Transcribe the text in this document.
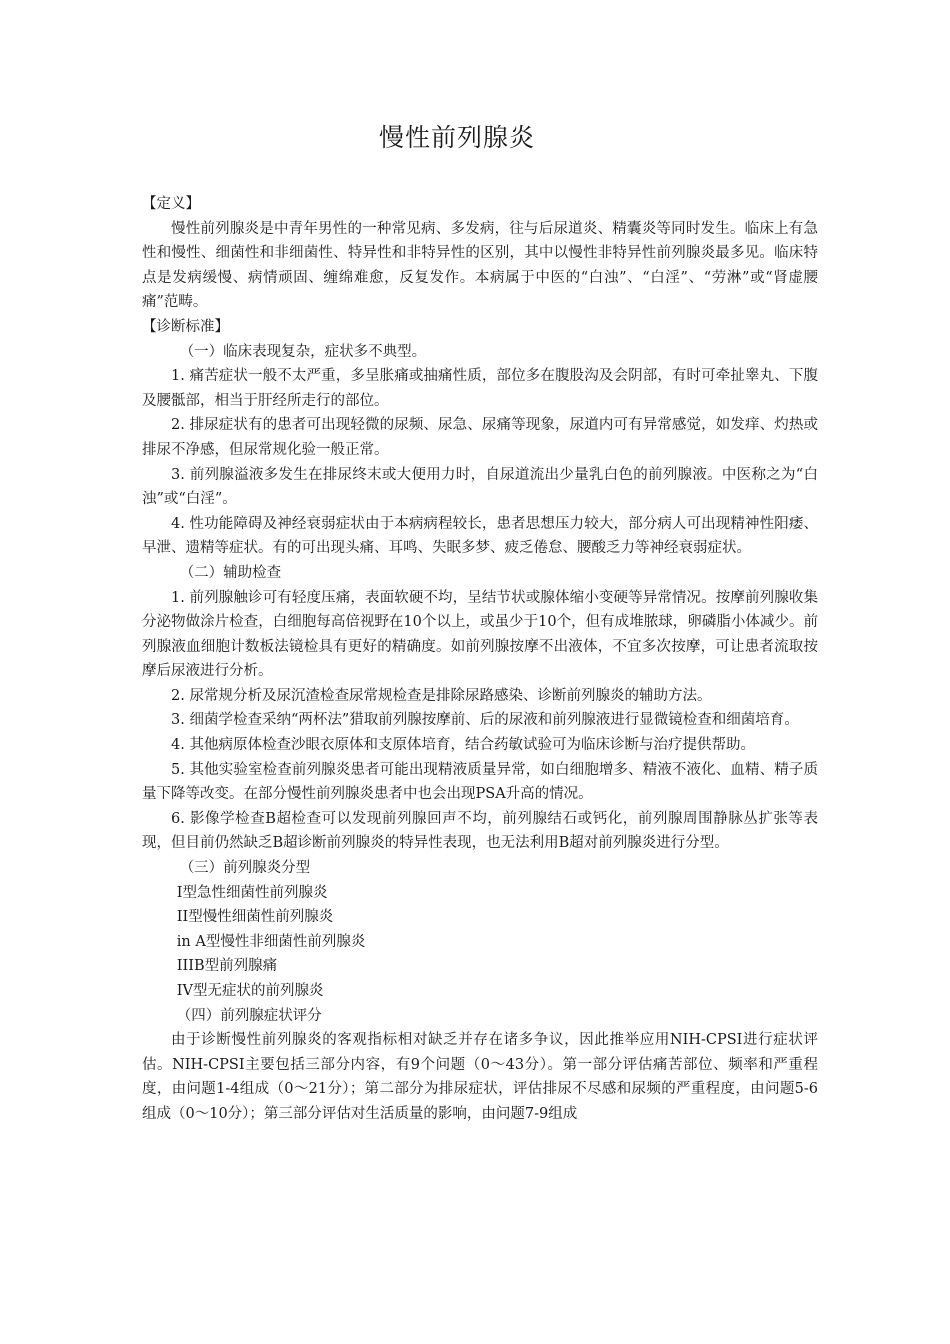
慢性前列腺炎

【定义】

慢性前列腺炎是中青年男性的一种常见病、多发病，往与后尿道炎、精囊炎等同时发生。临床上有急性和慢性、细菌性和非细菌性、特异性和非特异性的区别，其中以慢性非特异性前列腺炎最多见。临床特点是发病缓慢、病情顽固、缠绵难愈，反复发作。本病属于中医的“白浊”、“白淫”、“劳淋”或“肾虚腰痛”范畴。

【诊断标准】

（一）临床表现复杂，症状多不典型。

1. 痛苦症状一般不太严重，多呈胀痛或抽痛性质，部位多在腹股沟及会阴部，有时可牵扯睾丸、下腹及腰骶部，相当于肝经所走行的部位。

2. 排尿症状有的患者可出现轻微的尿频、尿急、尿痛等现象，尿道内可有异常感觉，如发痒、灼热或排尿不净感，但尿常规化验一般正常。

3. 前列腺溢液多发生在排尿终末或大便用力时，自尿道流出少量乳白色的前列腺液。中医称之为“白浊”或“白淫”。

4. 性功能障碍及神经衰弱症状由于本病病程较长，患者思想压力较大，部分病人可出现精神性阳痿、早泄、遗精等症状。有的可出现头痛、耳鸣、失眠多梦、疲乏倦怠、腰酸乏力等神经衰弱症状。

（二）辅助检查

1. 前列腺触诊可有轻度压痛，表面软硬不均，呈结节状或腺体缩小变硬等异常情况。按摩前列腺收集分泌物做涂片检查，白细胞每高倍视野在10个以上，或虽少于10个，但有成堆脓球，卵磷脂小体减少。前列腺液血细胞计数板法镜检具有更好的精确度。如前列腺按摩不出液体，不宜多次按摩，可让患者流取按摩后尿液进行分析。

2. 尿常规分析及尿沉渣检查尿常规检查是排除尿路感染、诊断前列腺炎的辅助方法。

3. 细菌学检查采纳“两杯法”猎取前列腺按摩前、后的尿液和前列腺液进行显微镜检查和细菌培育。

4. 其他病原体检查沙眼衣原体和支原体培育，结合药敏试验可为临床诊断与治疗提供帮助。

5. 其他实验室检查前列腺炎患者可能出现精液质量异常，如白细胞增多、精液不液化、血精、精子质量下降等改变。在部分慢性前列腺炎患者中也会出现PSA升高的情况。

6. 影像学检查B超检查可以发现前列腺回声不均，前列腺结石或钙化，前列腺周围静脉丛扩张等表现，但目前仍然缺乏B超诊断前列腺炎的特异性表现，也无法利用B超对前列腺炎进行分型。

（三）前列腺炎分型

I型急性细菌性前列腺炎

II型慢性细菌性前列腺炎

in A型慢性非细菌性前列腺炎

IIIB型前列腺痛

IV型无症状的前列腺炎

（四）前列腺症状评分

由于诊断慢性前列腺炎的客观指标相对缺乏并存在诸多争议，因此推举应用NIH-CPSI进行症状评估。NIH-CPSI主要包括三部分内容，有9个问题（0〜43分）。第一部分评估痛苦部位、频率和严重程度，由问题1-4组成（0〜21分）；第二部分为排尿症状，评估排尿不尽感和尿频的严重程度，由问题5-6组成（0〜10分）；第三部分评估对生活质量的影响，由问题7-9组成
